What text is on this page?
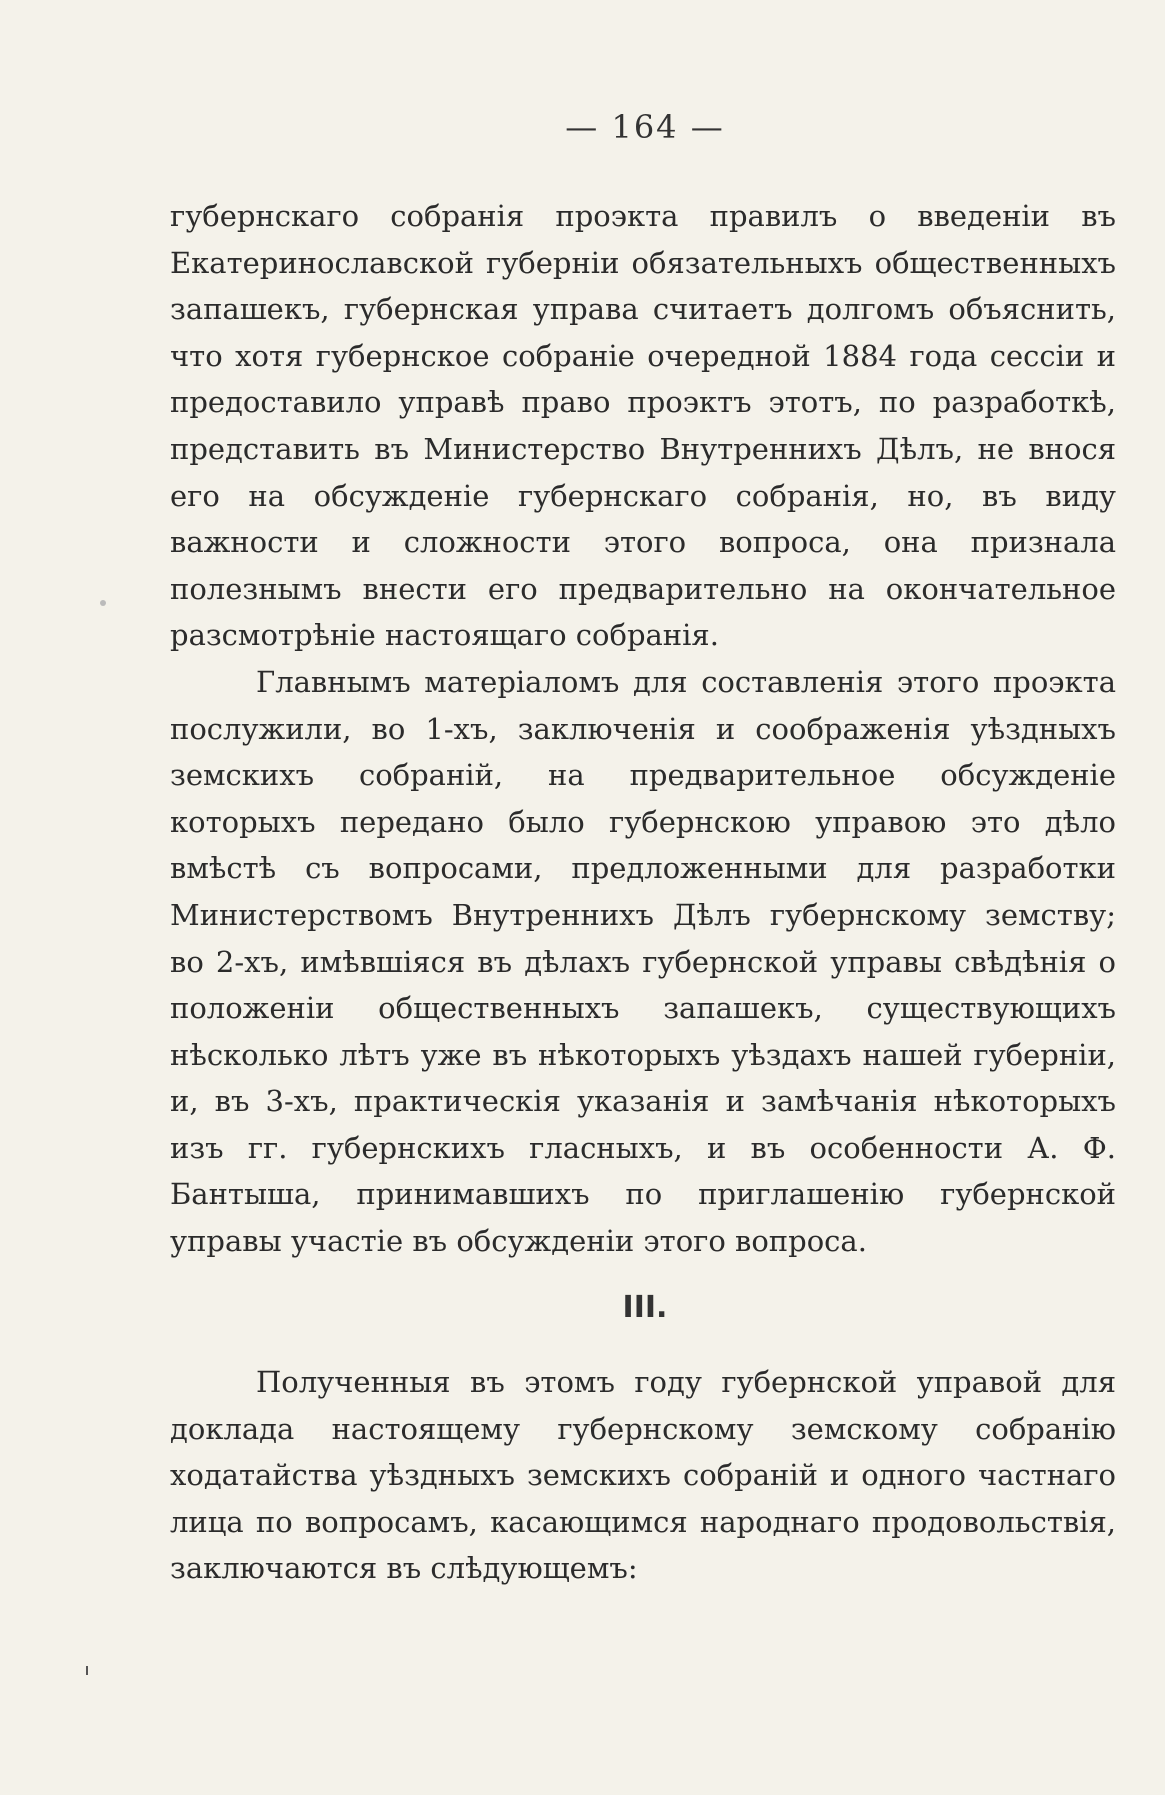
— 164 —

губернскаго собранія проэкта правилъ о введеніи въ Екатеринославской губерніи обязательныхъ общественныхъ запашекъ, губернская управа считаетъ долгомъ объяснить, что хотя губернское собраніе очередной 1884 года сессіи и предоставило управѣ право проэктъ этотъ, по разработкѣ, представить въ Министерство Внутреннихъ Дѣлъ, не внося его на обсужденіе губернскаго собранія, но, въ виду важности и сложности этого вопроса, она признала полезнымъ внести его предварительно на окончательное разсмотрѣніе настоящаго собранія.

Главнымъ матеріаломъ для составленія этого проэкта послужили, во 1-хъ, заключенія и соображенія уѣздныхъ земскихъ собраній, на предварительное обсужденіе которыхъ передано было губернскою управою это дѣло вмѣстѣ съ вопросами, предложенными для разработки Министерствомъ Внутреннихъ Дѣлъ губернскому земству; во 2-хъ, имѣвшіяся въ дѣлахъ губернской управы свѣдѣнія о положеніи общественныхъ запашекъ, существующихъ нѣсколько лѣтъ уже въ нѣкоторыхъ уѣздахъ нашей губерніи, и, въ 3-хъ, практическія указанія и замѣчанія нѣкоторыхъ изъ гг. губернскихъ гласныхъ, и въ особенности А. Ф. Бантыша, принимавшихъ по приглашенію губернской управы участіе въ обсужденіи этого вопроса.

III.

Полученныя въ этомъ году губернской управой для доклада настоящему губернскому земскому собранію ходатайства уѣздныхъ земскихъ собраній и одного частнаго лица по вопросамъ, касающимся народнаго продовольствія, заключаются въ слѣдующемъ:
